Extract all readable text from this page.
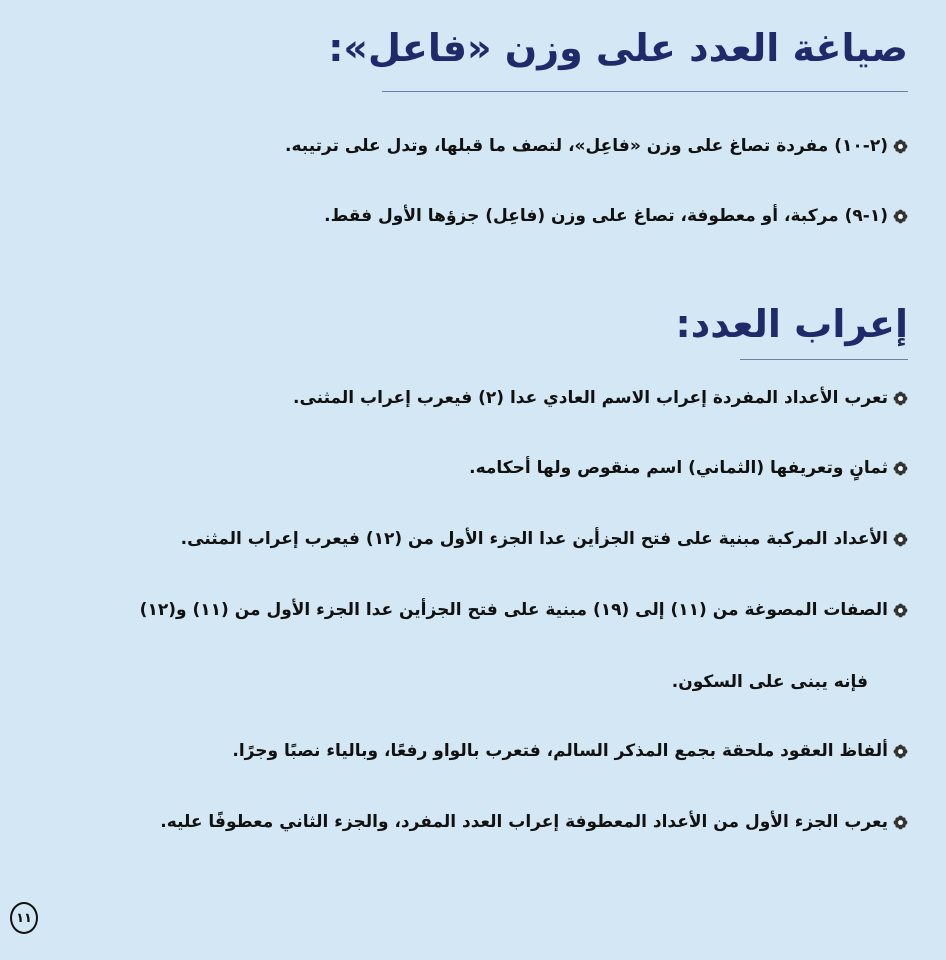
صياغة العدد على وزن «فاعل»:
(٢-١٠) مفردة تصاغ على وزن «فاعِل»، لتصف ما قبلها، وتدل على ترتيبه.
(١-٩) مركبة، أو معطوفة، تصاغ على وزن (فاعِل) جزؤها الأول فقط.
إعراب العدد:
تعرب الأعداد المفردة إعراب الاسم العادي عدا (٢) فيعرب إعراب المثنى.
ثمانٍ وتعريفها (الثماني) اسم منقوص ولها أحكامه.
الأعداد المركبة مبنية على فتح الجزأين عدا الجزء الأول من (١٢) فيعرب إعراب المثنى.
الصفات المصوغة من (١١) إلى (١٩) مبنية على فتح الجزأين عدا الجزء الأول من (١١) و(١٢)
فإنه يبنى على السكون.
ألفاظ العقود ملحقة بجمع المذكر السالم، فتعرب بالواو رفعًا، وبالياء نصبًا وجرًا.
يعرب الجزء الأول من الأعداد المعطوفة إعراب العدد المفرد، والجزء الثاني معطوفًا عليه.
١١
